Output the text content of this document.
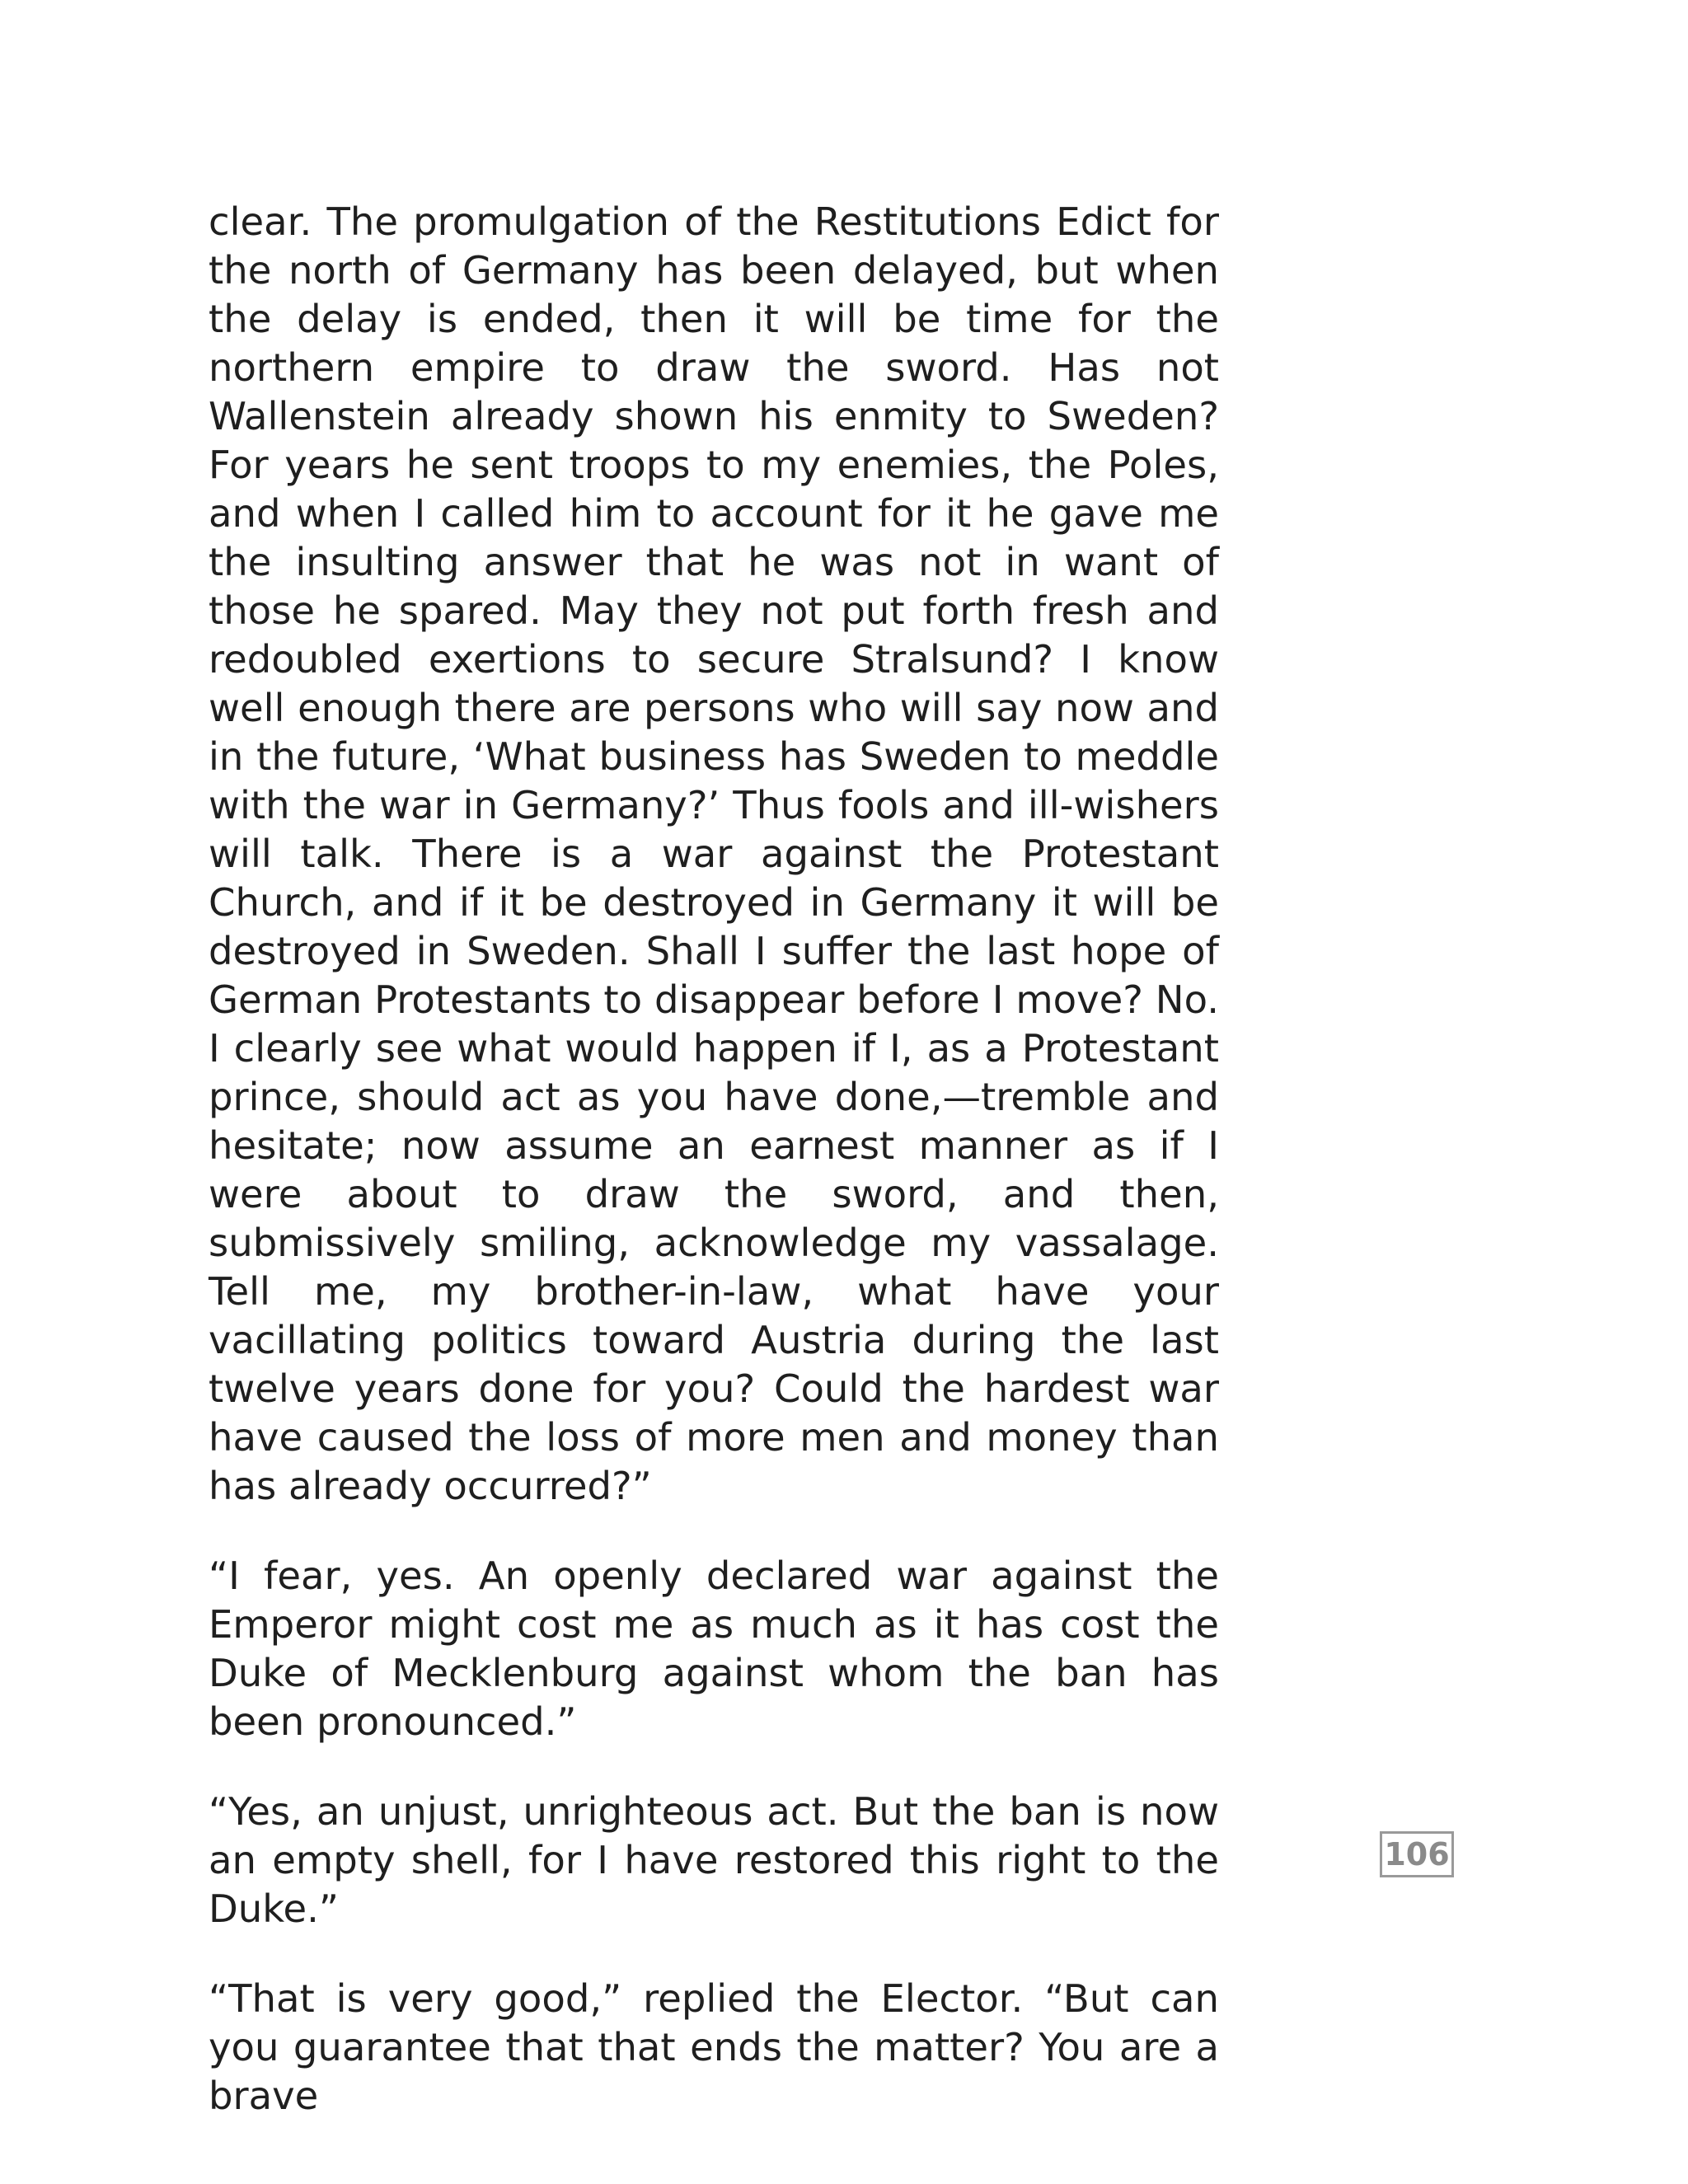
clear. The promulgation of the Restitutions Edict for the north of Germany has been delayed, but when the delay is ended, then it will be time for the northern empire to draw the sword. Has not Wallenstein already shown his enmity to Sweden? For years he sent troops to my enemies, the Poles, and when I called him to account for it he gave me the insulting answer that he was not in want of those he spared. May they not put forth fresh and redoubled exertions to secure Stralsund? I know well enough there are persons who will say now and in the future, ‘What business has Sweden to meddle with the war in Germany?’ Thus fools and ill-wishers will talk. There is a war against the Protestant Church, and if it be destroyed in Germany it will be destroyed in Sweden. Shall I suffer the last hope of German Protestants to disappear before I move? No. I clearly see what would happen if I, as a Protestant prince, should act as you have done,—tremble and hesitate; now assume an earnest manner as if I were about to draw the sword, and then, submissively smiling, acknowledge my vassalage. Tell me, my brother-in-law, what have your vacillating politics toward Austria during the last twelve years done for you? Could the hardest war have caused the loss of more men and money than has already occurred?”

“I fear, yes. An openly declared war against the Emperor might cost me as much as it has cost the Duke of Mecklenburg against whom the ban has been pronounced.”

“Yes, an unjust, unrighteous act. But the ban is now an empty shell, for I have restored this right to the Duke.”

“That is very good,” replied the Elector. “But can you guarantee that that ends the matter? You are a brave

106
